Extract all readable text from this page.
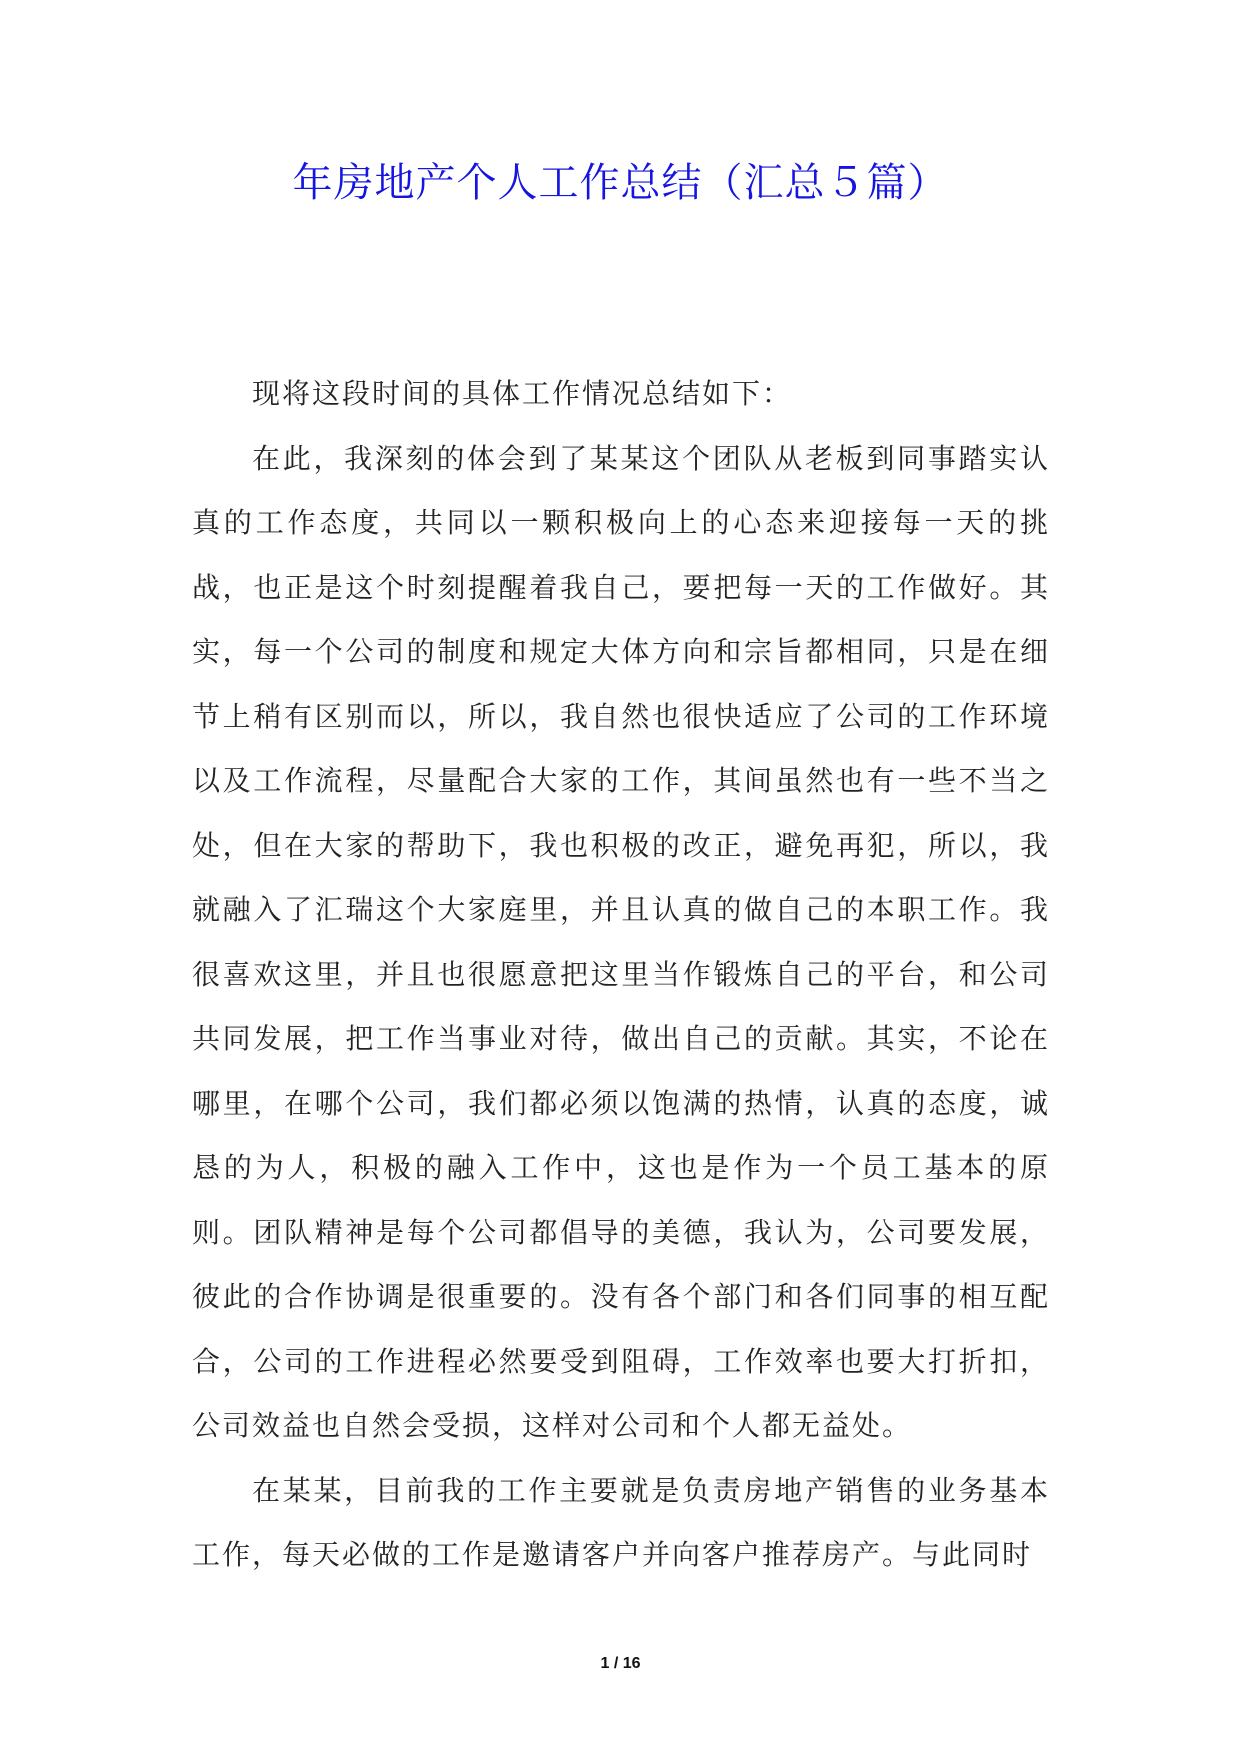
年房地产个人工作总结（汇总５篇）

现将这段时间的具体工作情况总结如下：

在此，我深刻的体会到了某某这个团队从老板到同事踏实认真的工作态度，共同以一颗积极向上的心态来迎接每一天的挑战，也正是这个时刻提醒着我自己，要把每一天的工作做好。其实，每一个公司的制度和规定大体方向和宗旨都相同，只是在细节上稍有区别而以，所以，我自然也很快适应了公司的工作环境以及工作流程，尽量配合大家的工作，其间虽然也有一些不当之处，但在大家的帮助下，我也积极的改正，避免再犯，所以，我就融入了汇瑞这个大家庭里，并且认真的做自己的本职工作。我很喜欢这里，并且也很愿意把这里当作锻炼自己的平台，和公司共同发展，把工作当事业对待，做出自己的贡献。其实，不论在哪里，在哪个公司，我们都必须以饱满的热情，认真的态度，诚恳的为人，积极的融入工作中，这也是作为一个员工基本的原则。团队精神是每个公司都倡导的美德，我认为，公司要发展，彼此的合作协调是很重要的。没有各个部门和各们同事的相互配合，公司的工作进程必然要受到阻碍，工作效率也要大打折扣，公司效益也自然会受损，这样对公司和个人都无益处。

在某某，目前我的工作主要就是负责房地产销售的业务基本工作，每天必做的工作是邀请客户并向客户推荐房产。与此同时

1 / 16
